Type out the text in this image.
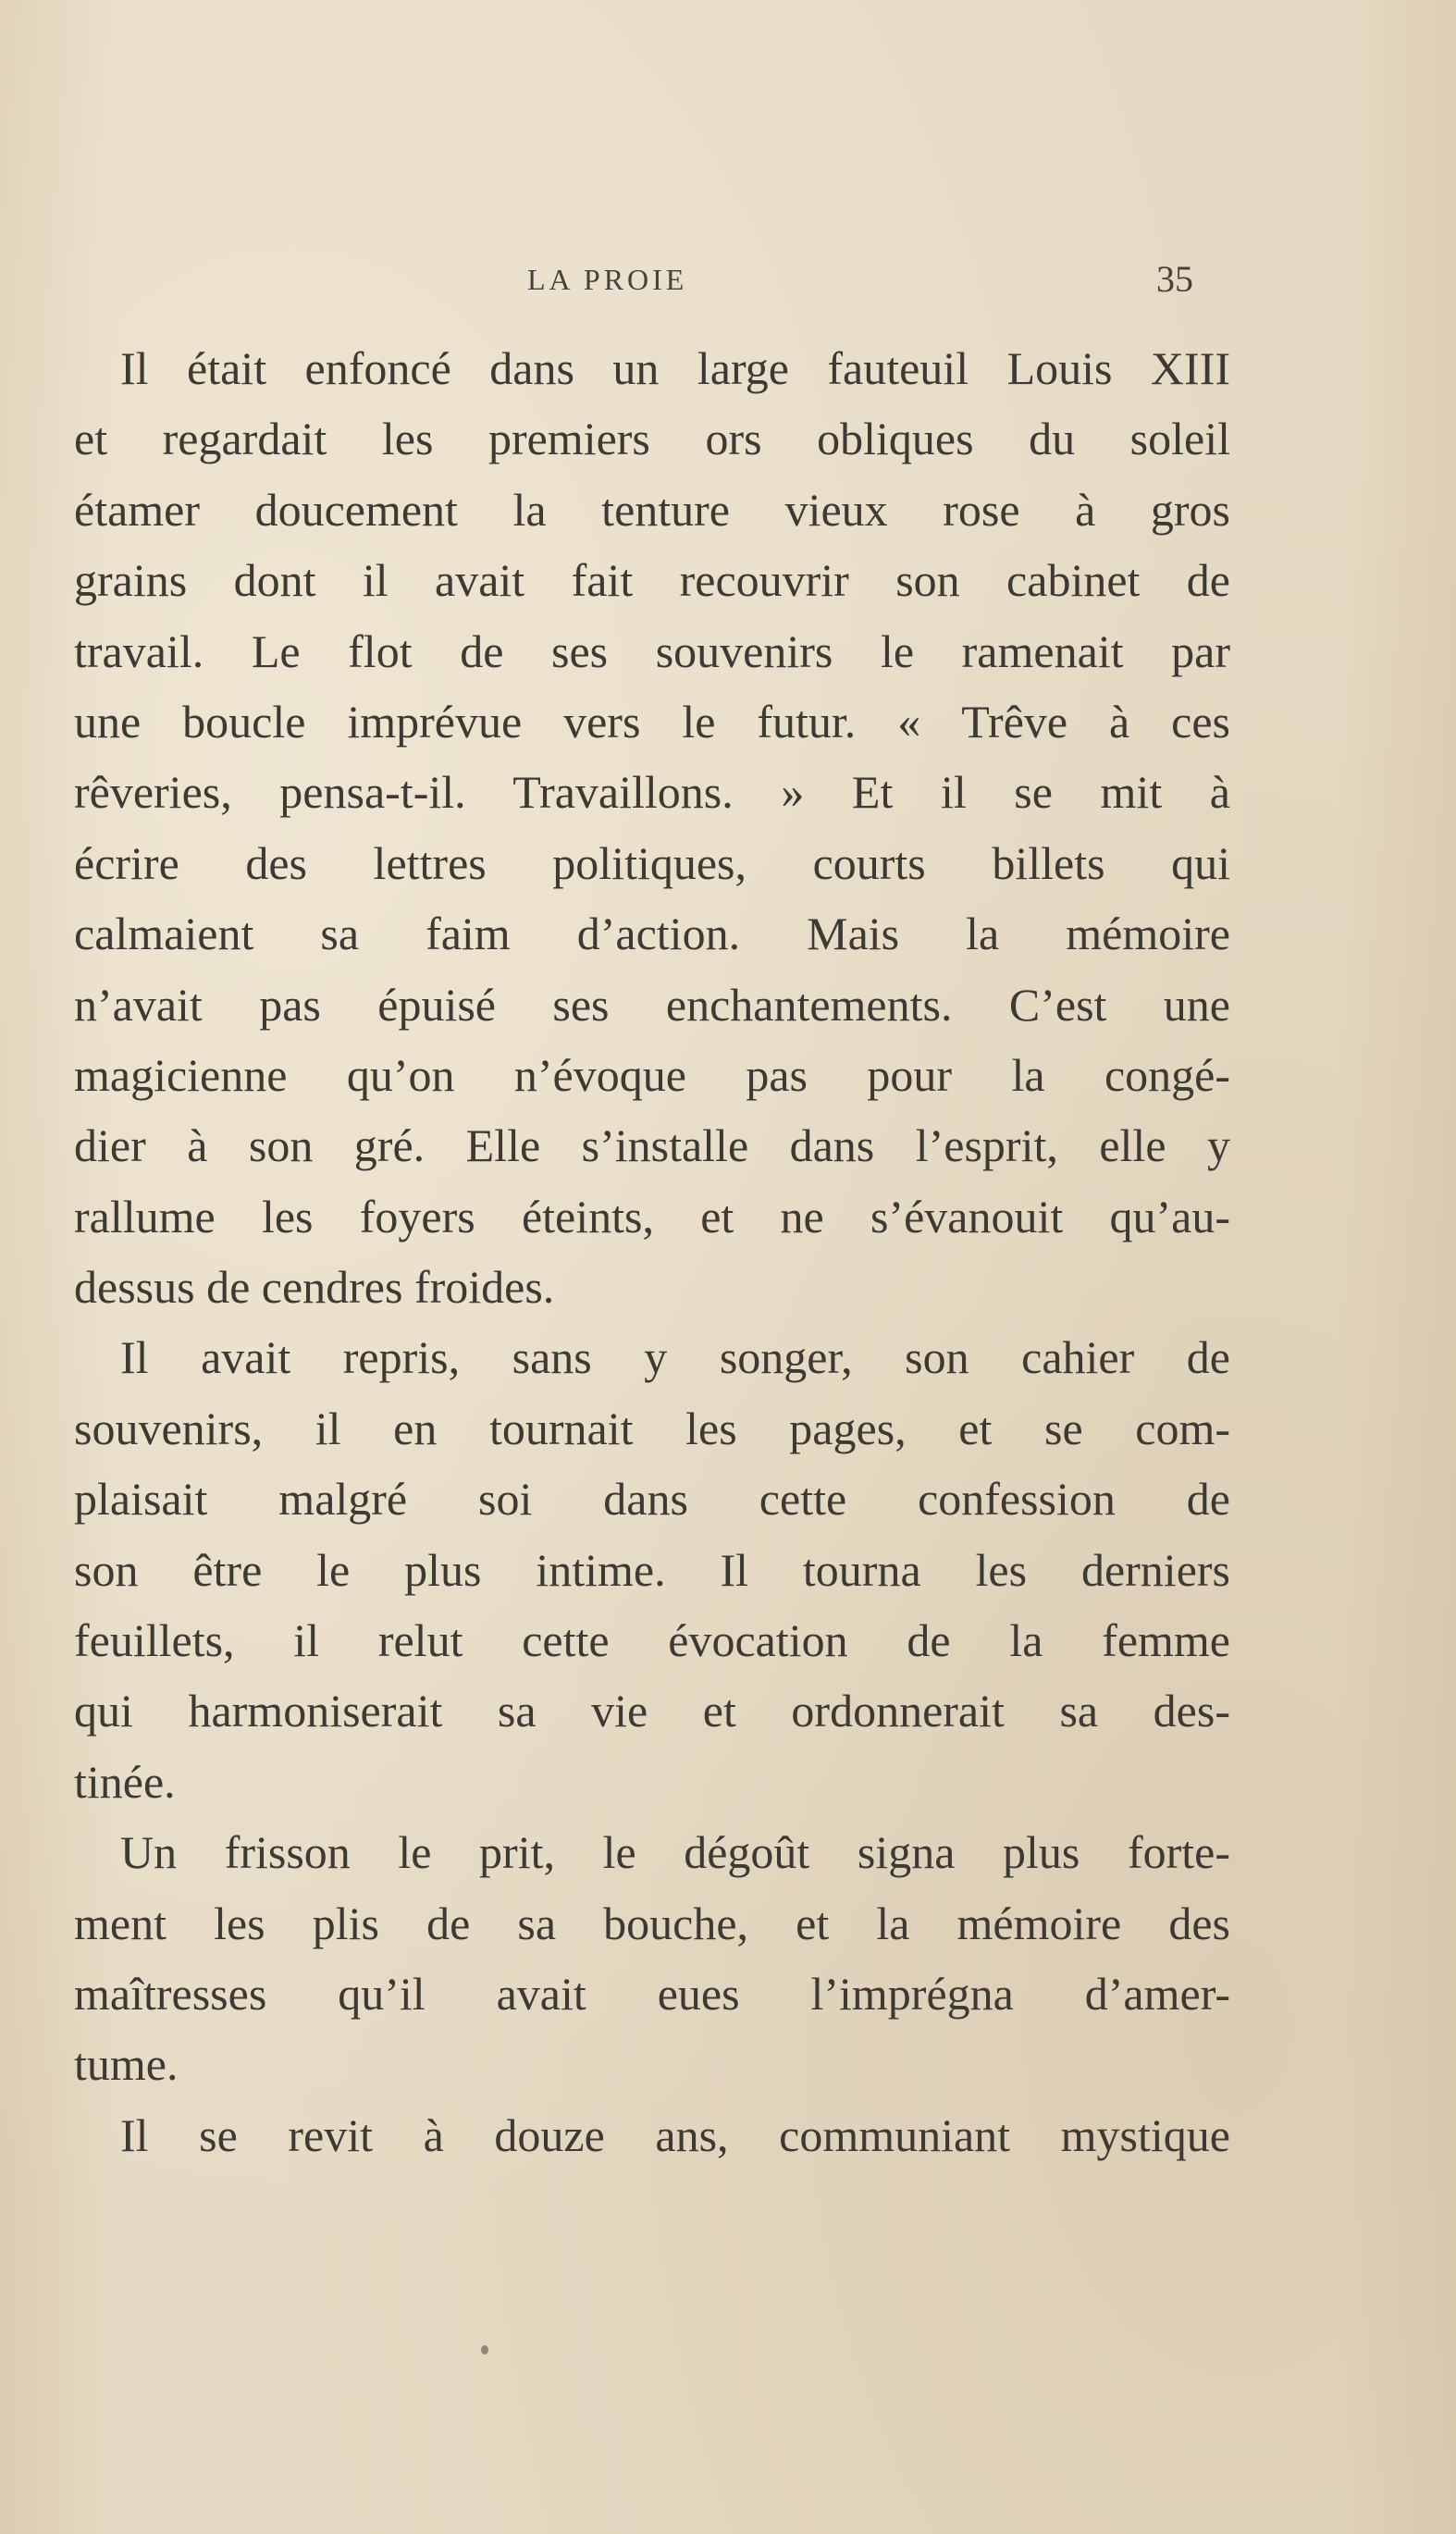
LA PROIE	35
Il était enfoncé dans un large fauteuil Louis XIII
et regardait les premiers ors obliques du soleil
étamer doucement la tenture vieux rose à gros
grains dont il avait fait recouvrir son cabinet de
travail. Le flot de ses souvenirs le ramenait par
une boucle imprévue vers le futur. « Trêve à ces
rêveries, pensa-t-il. Travaillons. » Et il se mit à
écrire des lettres politiques, courts billets qui
calmaient sa faim d’action. Mais la mémoire
n’avait pas épuisé ses enchantements. C’est une
magicienne qu’on n’évoque pas pour la congé-
dier à son gré. Elle s’installe dans l’esprit, elle y
rallume les foyers éteints, et ne s’évanouit qu’au-
dessus de cendres froides.
Il avait repris, sans y songer, son cahier de
souvenirs, il en tournait les pages, et se com-
plaisait malgré soi dans cette confession de
son être le plus intime. Il tourna les derniers
feuillets, il relut cette évocation de la femme
qui harmoniserait sa vie et ordonnerait sa des-
tinée.
Un frisson le prit, le dégoût signa plus forte-
ment les plis de sa bouche, et la mémoire des
maîtresses qu’il avait eues l’imprégna d’amer-
tume.
Il se revit à douze ans, communiant mystique
